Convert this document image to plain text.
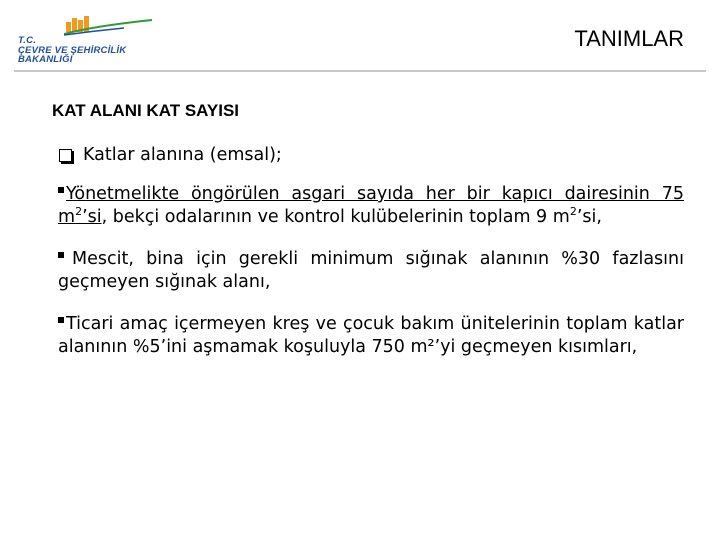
T.C.
ÇEVRE VE ŞEHİRCİLİK
BAKANLIĞI
TANIMLAR
KAT ALANI KAT SAYISI
Katlar alanına (emsal);
Yönetmelikte öngörülen asgari sayıda her bir kapıcı dairesinin 75 $m^2’si$, bekçi odalarının ve kontrol kulübelerinin toplam 9 $m^2’si$,
Mescit, bina için gerekli minimum sığınak alanının %30 fazlasını geçmeyen sığınak alanı,
Ticari amaç içermeyen kreş ve çocuk bakım ünitelerinin toplam katlar alanının %5’ini aşmamak koşuluyla 750 m²’yi geçmeyen kısımları,
